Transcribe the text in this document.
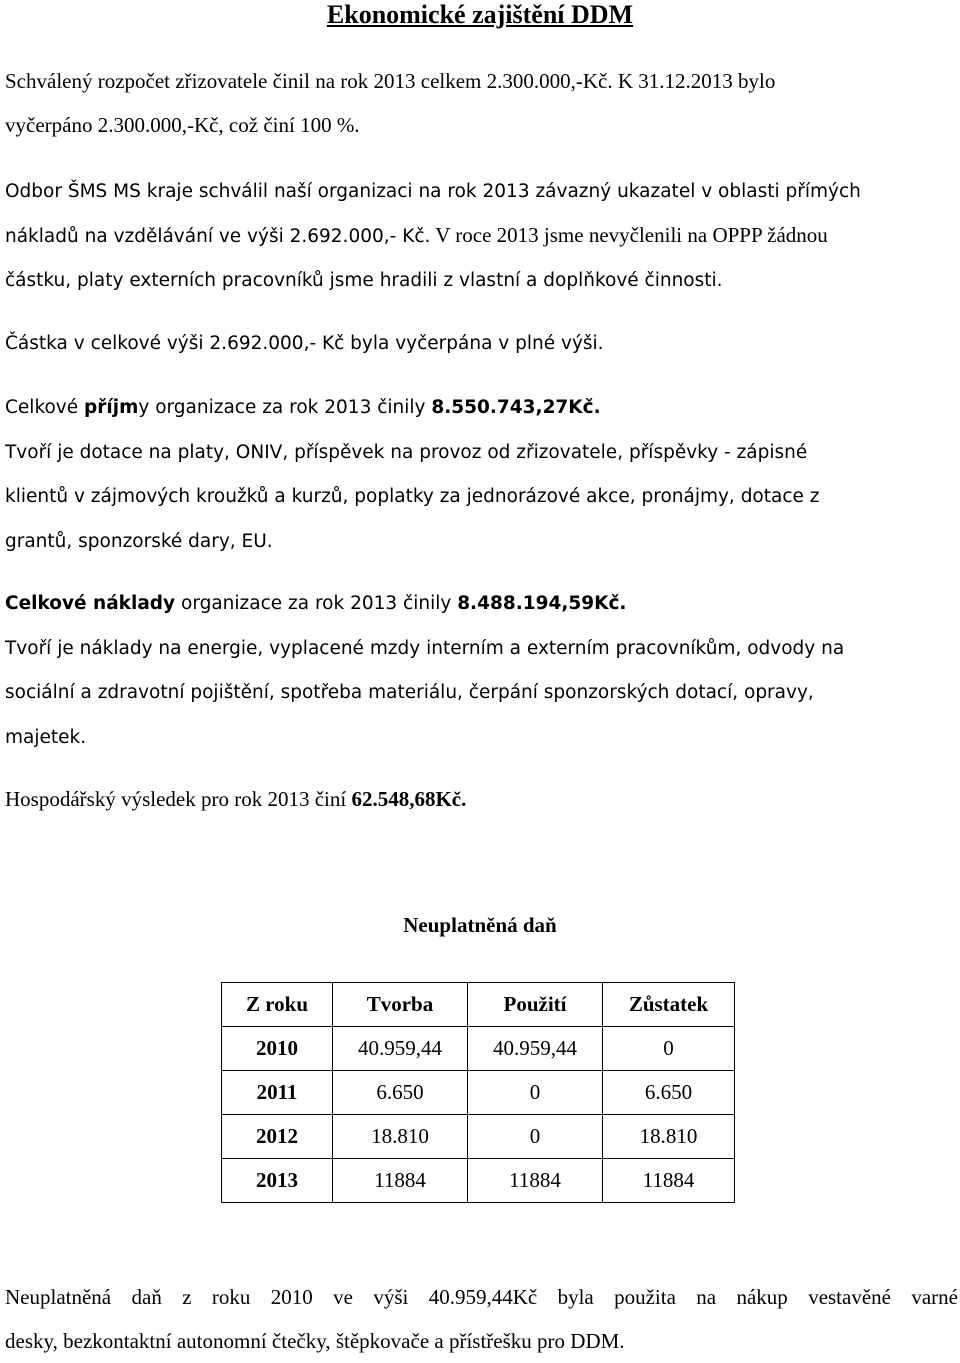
Ekonomické zajištění DDM

Schválený rozpočet zřizovatele činil na rok 2013 celkem 2.300.000,-Kč. K 31.12.2013 bylo
vyčerpáno 2.300.000,-Kč, což činí 100 %.

Odbor ŠMS MS kraje schválil naší organizaci na rok 2013 závazný ukazatel v oblasti přímých
nákladů na vzdělávání ve výši 2.692.000,- Kč. V roce 2013 jsme nevyčlenili na OPPP žádnou
částku, platy externích pracovníků jsme hradili z vlastní a doplňkové činnosti.

Částka v celkové výši 2.692.000,- Kč byla vyčerpána v plné výši.

Celkové příjmy organizace za rok 2013 činily 8.550.743,27Kč.
Tvoří je dotace na platy, ONIV, příspěvek na provoz od zřizovatele, příspěvky - zápisné
klientů v zájmových kroužků a kurzů, poplatky za jednorázové akce, pronájmy, dotace z
grantů, sponzorské dary, EU.

Celkové náklady organizace za rok 2013 činily 8.488.194,59Kč.
Tvoří je náklady na energie, vyplacené mzdy interním a externím pracovníkům, odvody na
sociální a zdravotní pojištění, spotřeba materiálu, čerpání sponzorských dotací, opravy,
majetek.

Hospodářský výsledek pro rok 2013 činí 62.548,68Kč.

Neuplatněná daň
Z roku	Tvorba	Použití	Zůstatek
2010	40.959,44	40.959,44	0
2011	6.650	0	6.650
2012	18.810	0	18.810
2013	11884	11884	11884

Neuplatněná daň z roku 2010 ve výši 40.959,44Kč byla použita na nákup vestavěné varné
desky, bezkontaktní autonomní čtečky, štěpkovače a přístřešku pro DDM.
